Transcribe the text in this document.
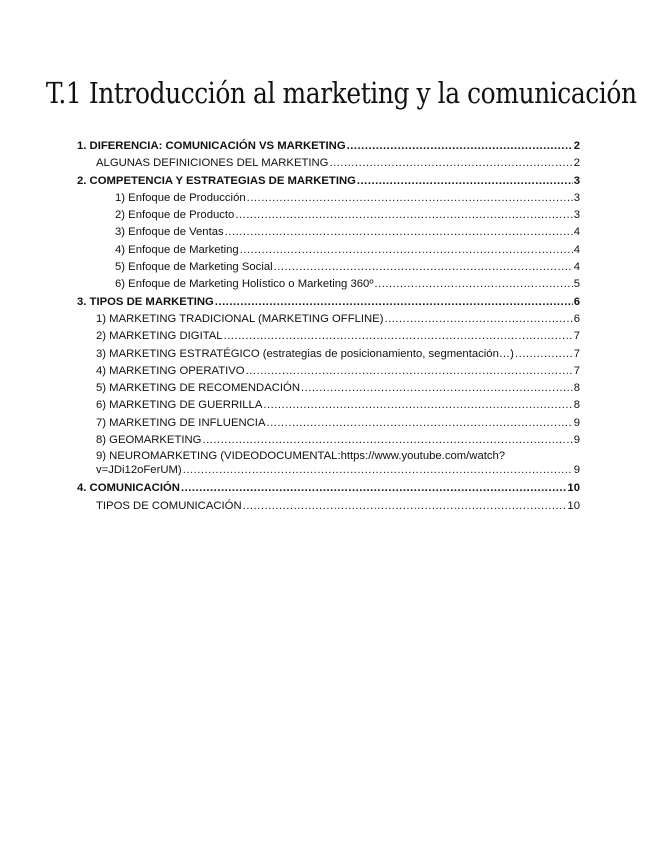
T.1 Introducción al marketing y la comunicación
1. DIFERENCIA: COMUNICACIÓN VS MARKETING .....	2
ALGUNAS DEFINICIONES DEL MARKETING .....	2
2. COMPETENCIA Y ESTRATEGIAS DE MARKETING .....	3
1) Enfoque de Producción .....	3
2) Enfoque de Producto .....	3
3) Enfoque de Ventas .....	4
4) Enfoque de Marketing .....	4
5) Enfoque de Marketing Social .....	4
6) Enfoque de Marketing Holístico o Marketing 360º .....	5
3. TIPOS DE MARKETING .....	6
1) MARKETING TRADICIONAL (MARKETING OFFLINE) .....	6
2) MARKETING DIGITAL .....	7
3) MARKETING ESTRATÉGICO (estrategias de posicionamiento, segmentación…) .....	7
4) MARKETING OPERATIVO .....	7
5) MARKETING DE RECOMENDACIÓN .....	8
6) MARKETING DE GUERRILLA .....	8
7) MARKETING DE INFLUENCIA .....	9
8) GEOMARKETING .....	9
9) NEUROMARKETING (VIDEODOCUMENTAL:https://www.youtube.com/watch?
v=JDi12oFerUM) .....	9
4. COMUNICACIÓN .....	10
TIPOS DE COMUNICACIÓN .....	10
